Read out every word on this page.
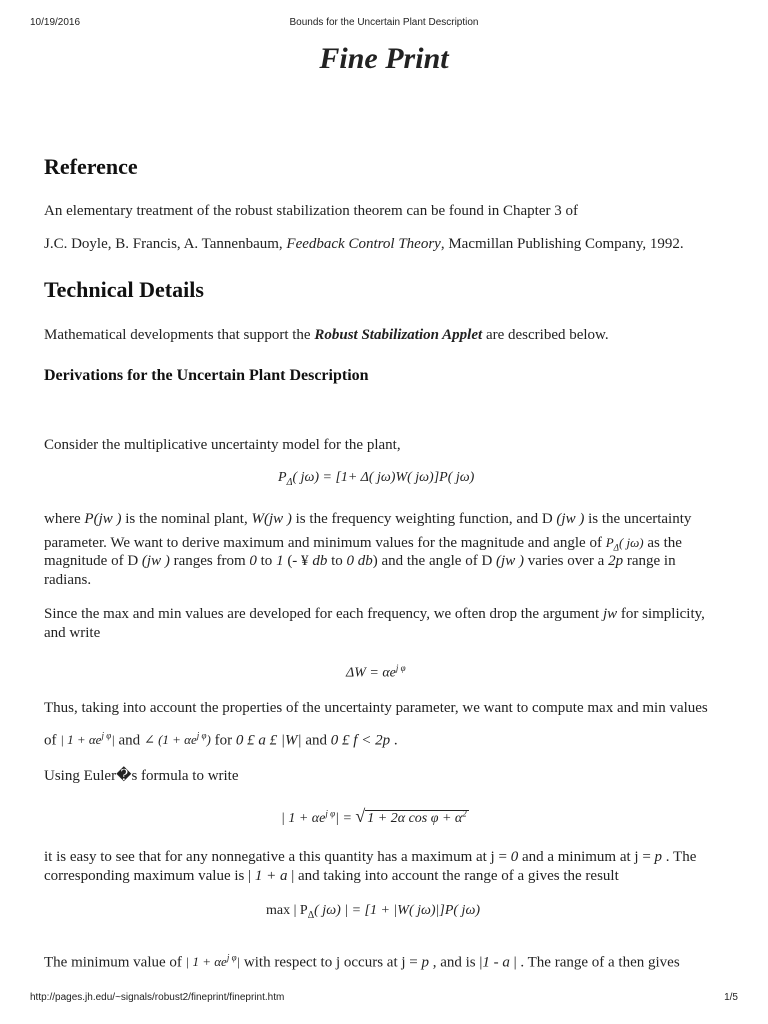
10/19/2016	Bounds for the Uncertain Plant Description
Fine Print
Reference
An elementary treatment of the robust stabilization theorem can be found in Chapter 3 of
J.C. Doyle, B. Francis, A. Tannenbaum, Feedback Control Theory, Macmillan Publishing Company, 1992.
Technical Details
Mathematical developments that support the Robust Stabilization Applet are described below.
Derivations for the Uncertain Plant Description
Consider the multiplicative uncertainty model for the plant,
$P_\Delta$( jω) = [1+ Δ( jω)W( jω)]P( jω)
where P(jw ) is the nominal plant, W(jw ) is the frequency weighting function, and D (jw ) is the uncertainty
parameter. We want to derive maximum and minimum values for the magnitude and angle of $P_\Delta$( jω) as the
magnitude of D (jw ) ranges from 0 to 1 (- ¥ db to 0 db) and the angle of D (jw ) varies over a 2p range in
radians.
Since the max and min values are developed for each frequency, we often drop the argument jw for simplicity,
and write
$\Delta W = \alpha e^{j \varphi}$
Thus, taking into account the properties of the uncertainty parameter, we want to compute max and min values
of | $1 + \alpha e^{j \varphi}|$ and ∠ $(1 + \alpha e^{j \varphi})$ for 0 £ a £ |W| and 0 £ f < 2p .
Using Euler�s formula to write
| $1 + \alpha e^{j \varphi}|$ = √ 1 + 2α $\cos \varphi + \alpha^2$
it is easy to see that for any nonnegative a this quantity has a maximum at j = 0 and a minimum at j = p . The
corresponding maximum value is | 1 + a | and taking into account the range of a gives the result
max | $P_\Delta$( jω) | = [1 + |W( jω)|]P( jω)
The minimum value of | $1 + \alpha e^{j \varphi}|$ with respect to j occurs at j = p , and is |1 - a | . The range of a then gives
http://pages.jh.edu/~signals/robust2/fineprint/fineprint.htm	1/5
